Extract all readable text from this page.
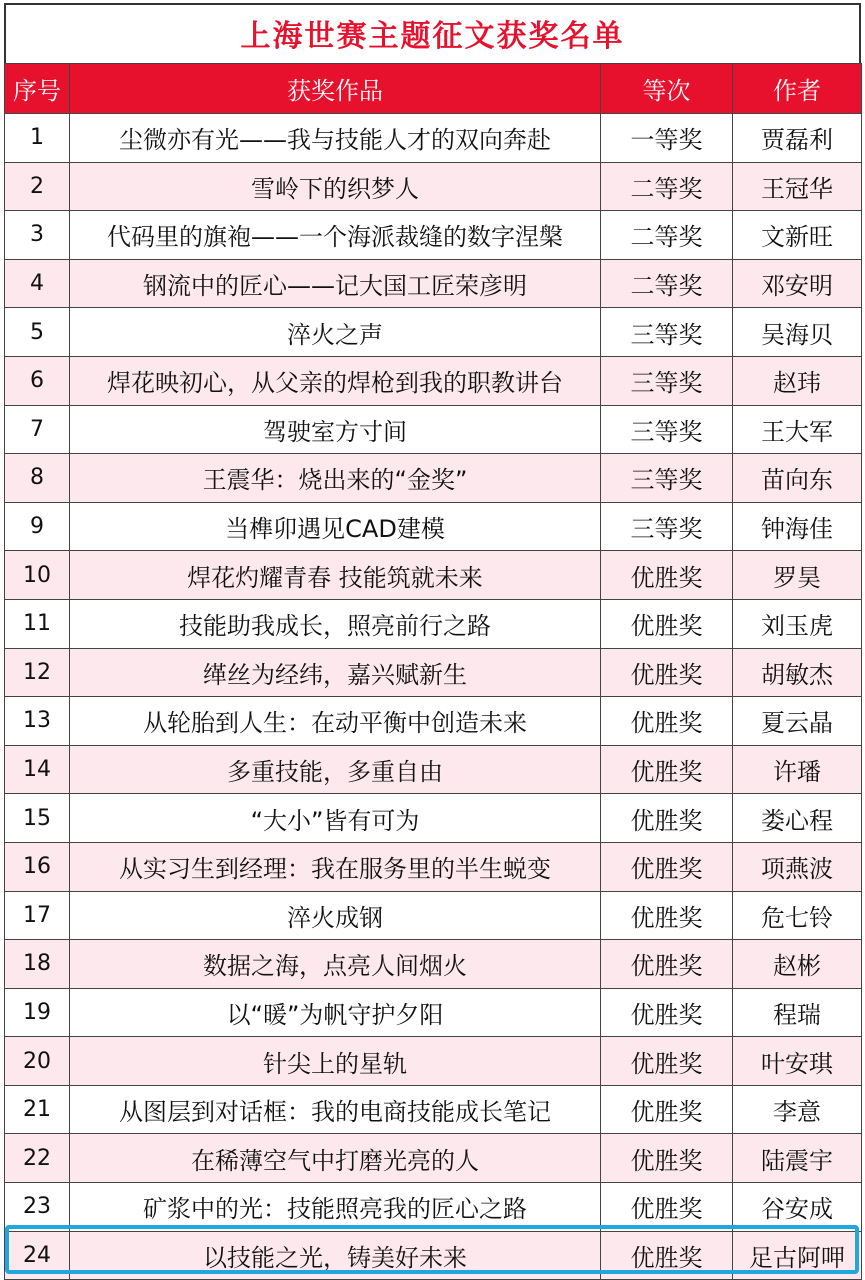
上海世赛主题征文获奖名单
序号	获奖作品	等次	作者
1	尘微亦有光——我与技能人才的双向奔赴	一等奖	贾磊利
2	雪岭下的织梦人	二等奖	王冠华
3	代码里的旗袍——一个海派裁缝的数字涅槃	二等奖	文新旺
4	钢流中的匠心——记大国工匠荣彦明	二等奖	邓安明
5	淬火之声	三等奖	吴海贝
6	焊花映初心，从父亲的焊枪到我的职教讲台	三等奖	赵玮
7	驾驶室方寸间	三等奖	王大军
8	王震华：烧出来的“金奖”	三等奖	苗向东
9	当榫卯遇见CAD建模	三等奖	钟海佳
10	焊花灼耀青春 技能筑就未来	优胜奖	罗昊
11	技能助我成长，照亮前行之路	优胜奖	刘玉虎
12	缂丝为经纬，嘉兴赋新生	优胜奖	胡敏杰
13	从轮胎到人生：在动平衡中创造未来	优胜奖	夏云晶
14	多重技能，多重自由	优胜奖	许璠
15	“大小”皆有可为	优胜奖	娄心程
16	从实习生到经理：我在服务里的半生蜕变	优胜奖	项燕波
17	淬火成钢	优胜奖	危七铃
18	数据之海，点亮人间烟火	优胜奖	赵彬
19	以“暖”为帆守护夕阳	优胜奖	程瑞
20	针尖上的星轨	优胜奖	叶安琪
21	从图层到对话框：我的电商技能成长笔记	优胜奖	李意
22	在稀薄空气中打磨光亮的人	优胜奖	陆震宇
23	矿浆中的光：技能照亮我的匠心之路	优胜奖	谷安成
24	以技能之光，铸美好未来	优胜奖	足古阿呷
